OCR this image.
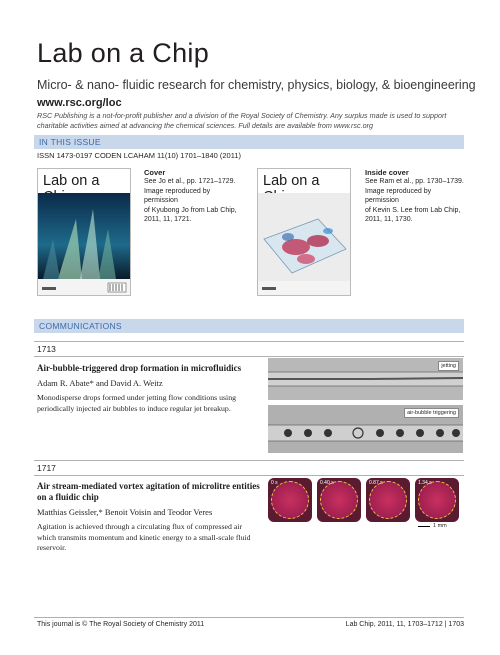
Lab on a Chip
Micro- & nano- fluidic research for chemistry, physics, biology, & bioengineering
www.rsc.org/loc
RSC Publishing is a not-for-profit publisher and a division of the Royal Society of Chemistry. Any surplus made is used to support charitable activities aimed at advancing the chemical sciences. Full details are available from www.rsc.org
IN THIS ISSUE
ISSN 1473-0197 CODEN LCAHAM 11(10) 1701–1840 (2011)
Lab on a
Cover
See Jo et al., pp. 1721–1729.
Image reproduced by permission
of Kyubong Jo from Lab Chip,
2011, 11, 1721.
Lab on a
Inside cover
See Ram et al., pp. 1730–1739.
Image reproduced by permission
of Kevin S. Lee from Lab Chip,
2011, 11, 1730.
COMMUNICATIONS
1713
Air-bubble-triggered drop formation in microfluidics
Adam R. Abate* and David A. Weitz
Monodisperse drops formed under jetting flow conditions using periodically injected air bubbles to induce regular jet breakup.
jetting
air-bubble triggering
1717
Air stream-mediated vortex agitation of microlitre entities
on a fluidic chip
Matthias Geissler,* Benoit Voisin and Teodor Veres
Agitation is achieved through a circulating flux of compressed air which transmits momentum and kinetic energy to a small-scale fluid reservoir.
0 s	0.40 s	0.87 s	1.34 s
1 mm
This journal is © The Royal Society of Chemistry 2011	Lab Chip, 2011, 11, 1703–1712 | 1703
